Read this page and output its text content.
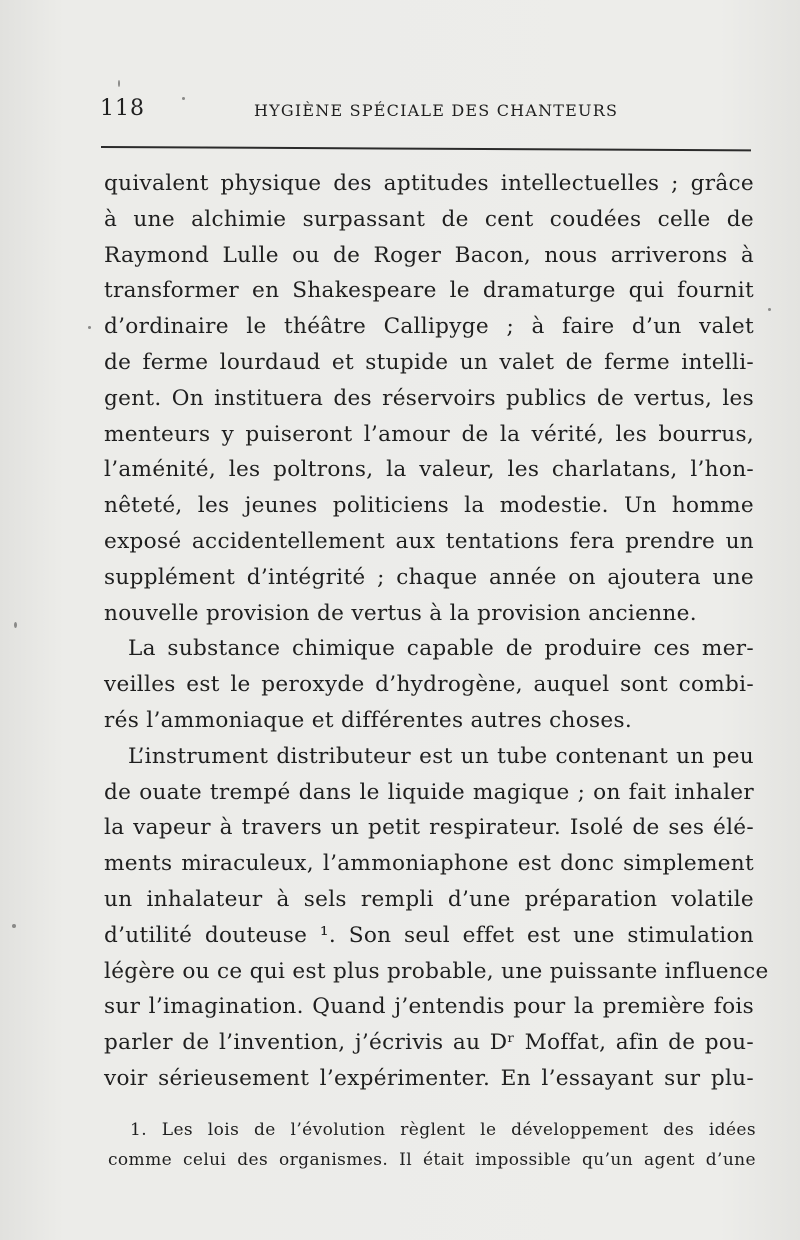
118	HYGIÈNE SPÉCIALE DES CHANTEURS
quivalent physique des aptitudes intellectuelles ; grâce
à une alchimie surpassant de cent coudées celle de
Raymond Lulle ou de Roger Bacon, nous arriverons à
transformer en Shakespeare le dramaturge qui fournit
d’ordinaire le théâtre Callipyge ; à faire d’un valet
de ferme lourdaud et stupide un valet de ferme intelli-
gent. On instituera des réservoirs publics de vertus, les
menteurs y puiseront l’amour de la vérité, les bourrus,
l’aménité, les poltrons, la valeur, les charlatans, l’hon-
nêteté, les jeunes politiciens la modestie. Un homme
exposé accidentellement aux tentations fera prendre un
supplément d’intégrité ; chaque année on ajoutera une
nouvelle provision de vertus à la provision ancienne.
La substance chimique capable de produire ces mer-
veilles est le peroxyde d’hydrogène, auquel sont combi-
rés l’ammoniaque et différentes autres choses.
L’instrument distributeur est un tube contenant un peu
de ouate trempé dans le liquide magique ; on fait inhaler
la vapeur à travers un petit respirateur. Isolé de ses élé-
ments miraculeux, l’ammoniaphone est donc simplement
un inhalateur à sels rempli d’une préparation volatile
d’utilité douteuse ¹. Son seul effet est une stimulation
légère ou ce qui est plus probable, une puissante influence
sur l’imagination. Quand j’entendis pour la première fois
parler de l’invention, j’écrivis au Dʳ Moffat, afin de pou-
voir sérieusement l’expérimenter. En l’essayant sur plu-
1. Les lois de l’évolution règlent le développement des idées
comme celui des organismes. Il était impossible qu’un agent d’une
